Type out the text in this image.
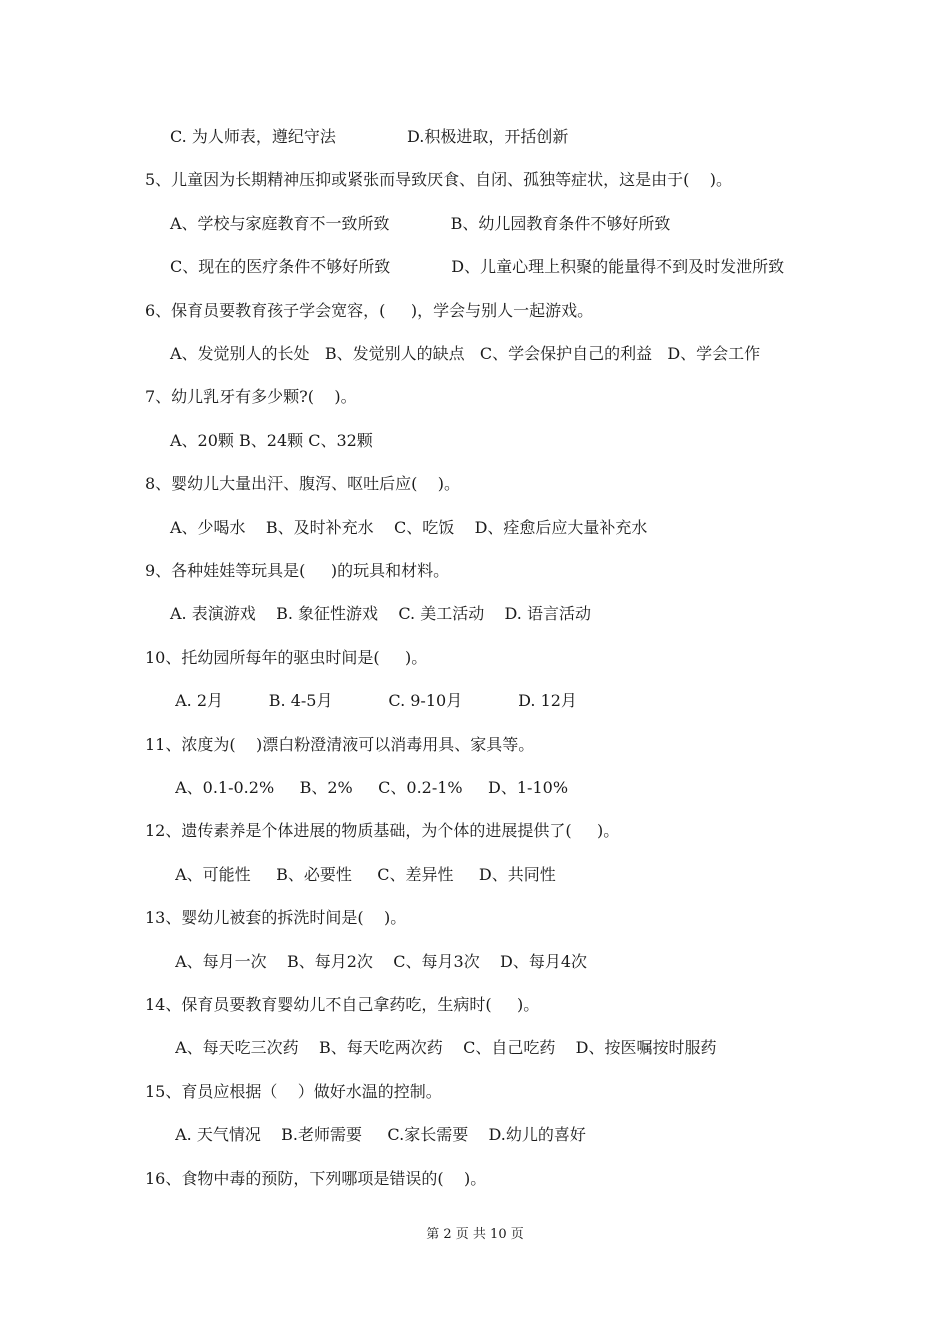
C. 为人师表，遵纪守法              D.积极进取，开括创新
5、儿童因为长期精神压抑或紧张而导致厌食、自闭、孤独等症状，这是由于(    )。
A、学校与家庭教育不一致所致            B、幼儿园教育条件不够好所致
C、现在的医疗条件不够好所致            D、儿童心理上积聚的能量得不到及时发泄所致
6、保育员要教育孩子学会宽容，(     )，学会与别人一起游戏。
A、发觉别人的长处   B、发觉别人的缺点   C、学会保护自己的利益   D、学会工作
7、幼儿乳牙有多少颗?(    )。
A、20颗 B、24颗 C、32颗
8、婴幼儿大量出汗、腹泻、呕吐后应(    )。
A、少喝水    B、及时补充水    C、吃饭    D、痊愈后应大量补充水
9、各种娃娃等玩具是(     )的玩具和材料。
A. 表演游戏    B. 象征性游戏    C. 美工活动    D. 语言活动
10、托幼园所每年的驱虫时间是(     )。
A. 2月         B. 4-5月           C. 9-10月           D. 12月
11、浓度为(    )漂白粉澄清液可以消毒用具、家具等。
A、0.1-0.2%     B、2%     C、0.2-1%     D、1-10%
12、遗传素养是个体进展的物质基础，为个体的进展提供了(     )。
A、可能性     B、必要性     C、差异性     D、共同性
13、婴幼儿被套的拆洗时间是(    )。
A、每月一次    B、每月2次    C、每月3次    D、每月4次
14、保育员要教育婴幼儿不自己拿药吃，生病时(     )。
A、每天吃三次药    B、每天吃两次药    C、自己吃药    D、按医嘱按时服药
15、育员应根据（    ）做好水温的控制。
A. 天气情况    B.老师需要     C.家长需要    D.幼儿的喜好
16、食物中毒的预防，下列哪项是错误的(    )。
第 2 页 共 10 页
